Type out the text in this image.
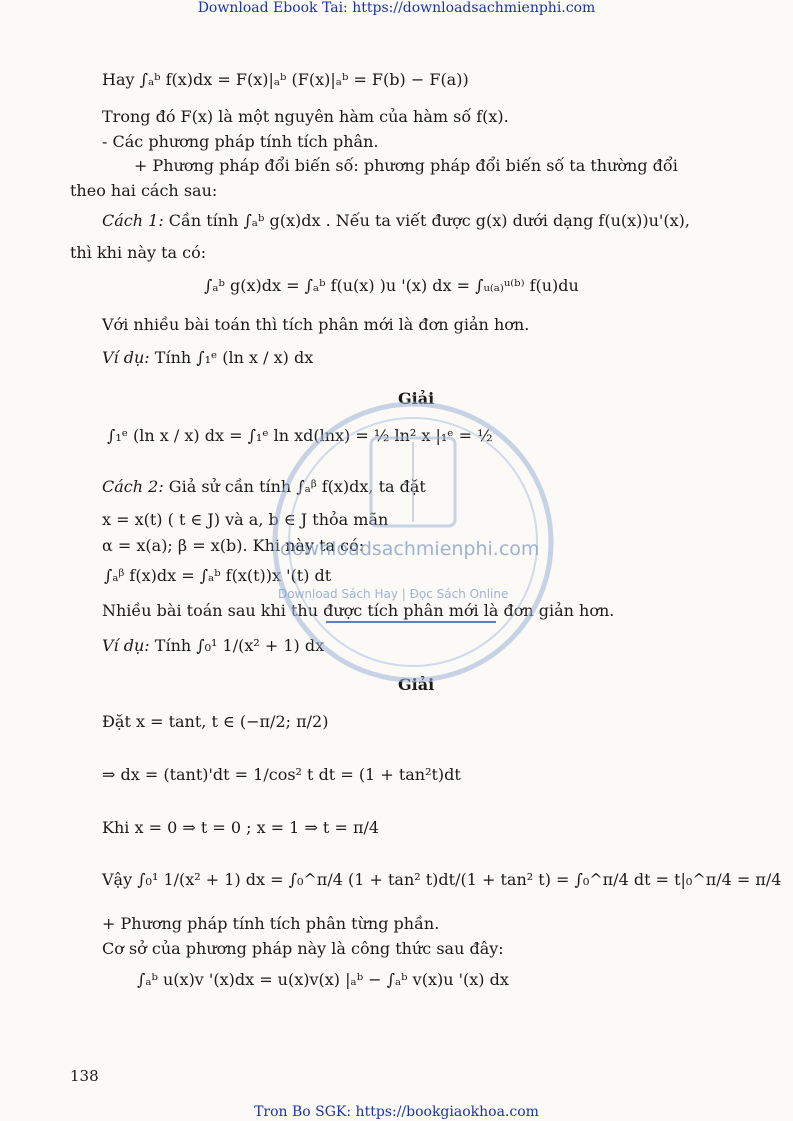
Download Ebook Tai: https://downloadsachmienphi.com
Hay ∫ₐᵇ f(x)dx = F(x)|ₐᵇ (F(x)|ₐᵇ = F(b) − F(a))
Trong đó F(x) là một nguyên hàm của hàm số f(x).
- Các phương pháp tính tích phân.
+ Phương pháp đổi biến số: phương pháp đổi biến số ta thường đổi
theo hai cách sau:
Cách 1: Cần tính ∫ₐᵇ g(x)dx . Nếu ta viết được g(x) dưới dạng f(u(x))u'(x),
thì khi này ta có:
∫ₐᵇ g(x)dx = ∫ₐᵇ f(u(x) )u '(x) dx = ∫ᵤ₍ₐ₎ᵘ⁽ᵇ⁾ f(u)du
Với nhiều bài toán thì tích phân mới là đơn giản hơn.
Ví dụ: Tính ∫₁ᵉ (ln x / x) dx
Giải
∫₁ᵉ (ln x / x) dx = ∫₁ᵉ ln xd(lnx) = ½ ln² x |₁ᵉ = ½
Cách 2: Giả sử cần tính ∫ₐᵝ f(x)dx, ta đặt
x = x(t) ( t ∈ J) và a, b ∈ J thỏa mãn
α = x(a); β = x(b). Khi này ta có:
∫ₐᵝ f(x)dx = ∫ₐᵇ f(x(t))x '(t) dt
Nhiều bài toán sau khi thu được tích phân mới là đơn giản hơn.
Ví dụ: Tính ∫₀¹ 1/(x² + 1) dx
Giải
Đặt x = tant, t ∈ (−π/2; π/2)
⇒ dx = (tant)'dt = 1/cos² t dt = (1 + tan²t)dt
Khi x = 0 ⇒ t = 0 ; x = 1 ⇒ t = π/4
Vậy ∫₀¹ 1/(x² + 1) dx = ∫₀^π/4 (1 + tan² t)dt/(1 + tan² t) = ∫₀^π/4 dt = t|₀^π/4 = π/4
+ Phương pháp tính tích phân từng phần.
Cơ sở của phương pháp này là công thức sau đây:
∫ₐᵇ u(x)v '(x)dx = u(x)v(x) |ₐᵇ − ∫ₐᵇ v(x)u '(x) dx
138
downloadsachmienphi.com
Download Sách Hay | Đọc Sách Online
Tron Bo SGK: https://bookgiaokhoa.com
